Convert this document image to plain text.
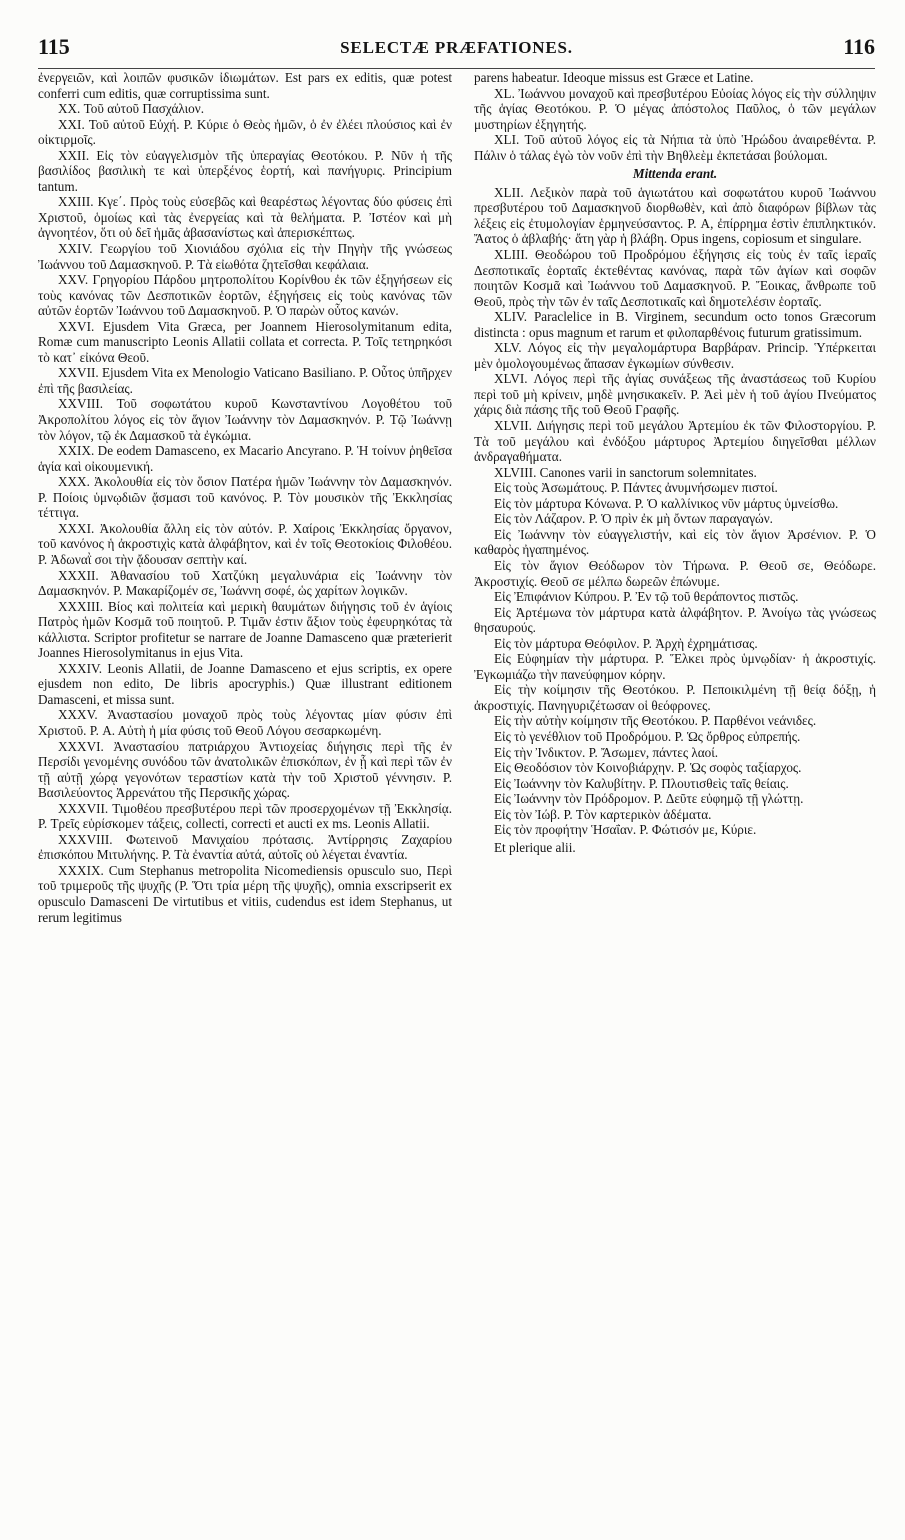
115	SELECTÆ PRÆFATIONES.	116

ἐνεργειῶν, καὶ λοιπῶν φυσικῶν ἰδιωμάτων. Est pars ex editis, quæ potest conferri cum editis, quæ corruptissima sunt.

XX. Τοῦ αὐτοῦ Πασχάλιον.

XXI. Τοῦ αὐτοῦ Εὐχή. P. Κύριε ὁ Θεὸς ἡμῶν, ὁ ἐν ἐλέει πλούσιος καὶ ἐν οἰκτιρμοῖς.

XXII. Εἰς τὸν εὐαγγελισμὸν τῆς ὑπεραγίας Θεοτόκου. P. Νῦν ἡ τῆς βασιλίδος βασιλικὴ τε καὶ ὑπερξένος ἑορτή, καὶ πανήγυρις. Principium tantum.

XXIII. Κγε΄. Πρὸς τοὺς εὐσεβῶς καὶ θεαρέστως λέγοντας δύο φύσεις ἐπὶ Χριστοῦ, ὁμοίως καὶ τὰς ἐνεργείας καὶ τὰ θελήματα. P. Ἰστέον καὶ μὴ ἀγνοητέον, ὅτι οὐ δεῖ ἡμᾶς ἀβασανίστως καὶ ἀπερισκέπτως.

XXIV. Γεωργίου τοῦ Χιονιάδου σχόλια εἰς τὴν Πηγὴν τῆς γνώσεως Ἰωάννου τοῦ Δαμασκηνοῦ. P. Τὰ εἰωθότα ζητεῖσθαι κεφάλαια.

XXV. Γρηγορίου Πάρδου μητροπολίτου Κορίνθου ἐκ τῶν ἐξηγήσεων εἰς τοὺς κανόνας τῶν Δεσποτικῶν ἑορτῶν, ἐξηγήσεις εἰς τοὺς κανόνας τῶν αὐτῶν ἑορτῶν Ἰωάννου τοῦ Δαμασκηνοῦ. P. Ὁ παρὼν οὗτος κανών.

XXVI. Ejusdem Vita Græca, per Joannem Hierosolymitanum edita, Romæ cum manuscripto Leonis Allatii collata et correcta. P. Τοῖς τετηρηκόσι τὸ κατ᾽ εἰκόνα Θεοῦ.

XXVII. Ejusdem Vita ex Menologio Vaticano Basiliano. P. Οὗτος ὑπῆρχεν ἐπὶ τῆς βασιλείας.

XXVIII. Τοῦ σοφωτάτου κυροῦ Κωνσταντίνου Λογοθέτου τοῦ Ἀκροπολίτου λόγος εἰς τὸν ἅγιον Ἰωάννην τὸν Δαμασκηνόν. P. Τῷ Ἰωάννῃ τὸν λόγον, τῷ ἐκ Δαμασκοῦ τὰ ἐγκώμια.

XXIX. De eodem Damasceno, ex Macario Ancyrano. P. Ἡ τοίνυν ῥηθεῖσα ἁγία καὶ οἰκουμενική.

XXX. Ἀκολουθία εἰς τὸν ὅσιον Πατέρα ἡμῶν Ἰωάννην τὸν Δαμασκηνόν. P. Ποίοις ὑμνῳδιῶν ᾄσμασι τοῦ κανόνος. P. Τὸν μουσικὸν τῆς Ἐκκλησίας τέττιγα.

XXXI. Ἀκολουθία ἄλλη εἰς τὸν αὐτόν. P. Χαίροις Ἐκκλησίας ὄργανον, τοῦ κανόνος ἡ ἀκροστιχὶς κατὰ ἀλφάβητον, καὶ ἐν τοῖς Θεοτοκίοις Φιλοθέου. P. Ἀδωναῒ σοι τὴν ᾄδουσαν σεπτὴν καί.

XXXII. Ἀθανασίου τοῦ Χατζύκη μεγαλυνάρια εἰς Ἰωάννην τὸν Δαμασκηνόν. P. Μακαρίζομέν σε, Ἰωάννη σοφέ, ὡς χαρίτων λογικῶν.

XXXIII. Βίος καὶ πολιτεία καὶ μερικὴ θαυμάτων διήγησις τοῦ ἐν ἁγίοις Πατρὸς ἡμῶν Κοσμᾶ τοῦ ποιητοῦ. P. Τιμᾶν ἐστιν ἄξιον τοὺς ἐφευρηκότας τὰ κάλλιστα. Scriptor profitetur se narrare de Joanne Damasceno quæ præterierit Joannes Hierosolymitanus in ejus Vita.

XXXIV. Leonis Allatii, de Joanne Damasceno et ejus scriptis, ex opere ejusdem non edito, De libris apocryphis.) Quæ illustrant editionem Damasceni, et missa sunt.

XXXV. Ἀναστασίου μοναχοῦ πρὸς τοὺς λέγοντας μίαν φύσιν ἐπὶ Χριστοῦ. P. Α. Αὐτὴ ἡ μία φύσις τοῦ Θεοῦ Λόγου σεσαρκωμένη.

XXXVI. Ἀναστασίου πατριάρχου Ἀντιοχείας διήγησις περὶ τῆς ἐν Περσίδι γενομένης συνόδου τῶν ἀνατολικῶν ἐπισκόπων, ἐν ᾗ καὶ περὶ τῶν ἐν τῇ αὐτῇ χώρᾳ γεγονότων τεραστίων κατὰ τὴν τοῦ Χριστοῦ γέννησιν. P. Βασιλεύοντος Ἀρρενάτου τῆς Περσικῆς χώρας.

XXXVII. Τιμοθέου πρεσβυτέρου περὶ τῶν προσερχομένων τῇ Ἐκκλησίᾳ. P. Τρεῖς εὑρίσκομεν τάξεις, collecti, correcti et aucti ex ms. Leonis Allatii.

XXXVIII. Φωτεινοῦ Μανιχαίου πρότασις. Ἀντίρρησις Ζαχαρίου ἐπισκόπου Μιτυλήνης. P. Τὰ ἐναντία αὐτά, αὐτοῖς οὐ λέγεται ἐναντία.

XXXIX. Cum Stephanus metropolita Nicomediensis opusculo suo, Περὶ τοῦ τριμεροῦς τῆς ψυχῆς (P. Ὅτι τρία μέρη τῆς ψυχῆς), omnia exscripserit ex opusculo Damasceni De virtutibus et vitiis, cudendus est idem Stephanus, ut rerum legitimus

parens habeatur. Ideoque missus est Græce et Latine.

XL. Ἰωάννου μοναχοῦ καὶ πρεσβυτέρου Εὐοίας λόγος εἰς τὴν σύλληψιν τῆς ἁγίας Θεοτόκου. P. Ὁ μέγας ἀπόστολος Παῦλος, ὁ τῶν μεγάλων μυστηρίων ἐξηγητής.

XLI. Τοῦ αὐτοῦ λόγος εἰς τὰ Νήπια τὰ ὑπὸ Ἡρώδου ἀναιρεθέντα. P. Πάλιν ὁ τάλας ἐγὼ τὸν νοῦν ἐπὶ τὴν Βηθλεὲμ ἐκπετάσαι βούλομαι.

Mittenda erant.

XLII. Λεξικὸν παρὰ τοῦ ἁγιωτάτου καὶ σοφωτάτου κυροῦ Ἰωάννου πρεσβυτέρου τοῦ Δαμασκηνοῦ διορθωθὲν, καὶ ἀπὸ διαφόρων βίβλων τὰς λέξεις εἰς ἐτυμολογίαν ἑρμηνεύσαντος. P. Α, ἐπίρρημα ἐστὶν ἐπιπληκτικόν. Ἄατος ὁ ἀβλαβής· ἄτη γὰρ ἡ βλάβη. Opus ingens, copiosum et singulare.

XLIII. Θεοδώρου τοῦ Προδρόμου ἐξήγησις εἰς τοὺς ἐν ταῖς ἱεραῖς Δεσποτικαῖς ἑορταῖς ἐκτεθέντας κανόνας, παρὰ τῶν ἁγίων καὶ σοφῶν ποιητῶν Κοσμᾶ καὶ Ἰωάννου τοῦ Δαμασκηνοῦ. P. Ἔοικας, ἄνθρωπε τοῦ Θεοῦ, πρὸς τὴν τῶν ἐν ταῖς Δεσποτικαῖς καὶ δημοτελέσιν ἑορταῖς.

XLIV. Paraclelice in B. Virginem, secundum octo tonos Græcorum distincta : opus magnum et rarum et φιλοπαρθένοις futurum gratissimum.

XLV. Λόγος εἰς τὴν μεγαλομάρτυρα Βαρβάραν. Princip. Ὑπέρκειται μὲν ὁμολογουμένως ἅπασαν ἐγκωμίων σύνθεσιν.

XLVI. Λόγος περὶ τῆς ἁγίας συνάξεως τῆς ἀναστάσεως τοῦ Κυρίου περὶ τοῦ μὴ κρίνειν, μηδὲ μνησικακεῖν. P. Ἀεὶ μὲν ἡ τοῦ ἁγίου Πνεύματος χάρις διὰ πάσης τῆς τοῦ Θεοῦ Γραφῆς.

XLVII. Διήγησις περὶ τοῦ μεγάλου Ἀρτεμίου ἐκ τῶν Φιλοστοργίου. P. Τὰ τοῦ μεγάλου καὶ ἐνδόξου μάρτυρος Ἀρτεμίου διηγεῖσθαι μέλλων ἀνδραγαθήματα.

XLVIII. Canones varii in sanctorum solemnitates.

Εἰς τοὺς Ἀσωμάτους. P. Πάντες ἀνυμνήσωμεν πιστοί.

Εἰς τὸν μάρτυρα Κόνωνα. P. Ὁ καλλίνικος νῦν μάρτυς ὑμνείσθω.

Εἰς τὸν Λάζαρον. P. Ὁ πρὶν ἐκ μὴ ὄντων παραγαγών.

Εἰς Ἰωάννην τὸν εὐαγγελιστήν, καὶ εἰς τὸν ἅγιον Ἀρσένιον. P. Ὁ καθαρὸς ἠγαπημένος.

Εἰς τὸν ἅγιον Θεόδωρον τὸν Τήρωνα. P. Θεοῦ σε, Θεόδωρε. Ἀκροστιχίς. Θεοῦ σε μέλπω δωρεῶν ἐπώνυμε.

Εἰς Ἐπιφάνιον Κύπρου. P. Ἐν τῷ τοῦ θεράποντος πιστῶς.

Εἰς Ἀρτέμωνα τὸν μάρτυρα κατὰ ἀλφάβητον. P. Ἀνοίγω τὰς γνώσεως θησαυρούς.

Εἰς τὸν μάρτυρα Θεόφιλον. P. Ἀρχὴ ἐχρημάτισας.

Εἰς Εὐφημίαν τὴν μάρτυρα. P. Ἕλκει πρὸς ὑμνῳδίαν· ἡ ἀκροστιχίς. Ἐγκωμιάζω τὴν πανεύφημον κόρην.

Εἰς τὴν κοίμησιν τῆς Θεοτόκου. P. Πεποικιλμένη τῇ θείᾳ δόξῃ, ἡ ἀκροστιχίς. Πανηγυριζέτωσαν οἱ θεόφρονες.

Εἰς τὴν αὐτὴν κοίμησιν τῆς Θεοτόκου. P. Παρθένοι νεάνιδες.

Εἰς τὸ γενέθλιον τοῦ Προδρόμου. P. Ὡς ὄρθρος εὐπρεπής.

Εἰς τὴν Ἰνδικτον. P. Ἄσωμεν, πάντες λαοί.

Εἰς Θεοδόσιον τὸν Κοινοβιάρχην. P. Ὡς σοφὸς ταξίαρχος.

Εἰς Ἰωάννην τὸν Καλυβίτην. P. Πλουτισθεὶς ταῖς θείαις.

Εἰς Ἰωάννην τὸν Πρόδρομον. P. Δεῦτε εὐφημῷ τῇ γλώττῃ.

Εἰς τὸν Ἰώβ. P. Τὸν καρτερικὸν ἀδέματα.

Εἰς τὸν προφήτην Ἡσαΐαν. P. Φώτισόν με, Κύριε.

Et plerique alii.
